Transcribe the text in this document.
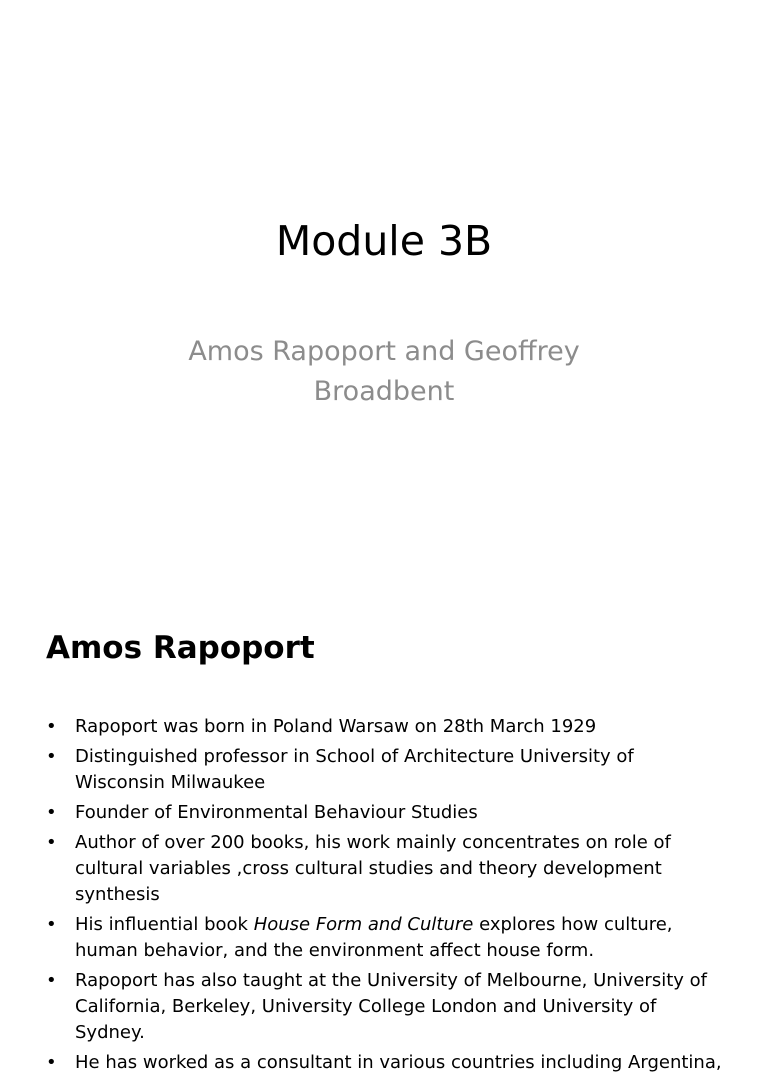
Module 3B

Amos Rapoport and Geoffrey Broadbent

Amos Rapoport
• Rapoport was born in Poland Warsaw on 28th March 1929
• Distinguished professor in School of Architecture University of Wisconsin Milwaukee
• Founder of Environmental Behaviour Studies
• Author of over 200 books, his work mainly concentrates on role of cultural variables ,cross cultural studies and theory development synthesis
• His influential book House Form and Culture explores how culture, human behavior, and the environment affect house form.
• Rapoport has also taught at the University of Melbourne, University of California, Berkeley, University College London and University of Sydney.
• He has worked as a consultant in various countries including Argentina,
